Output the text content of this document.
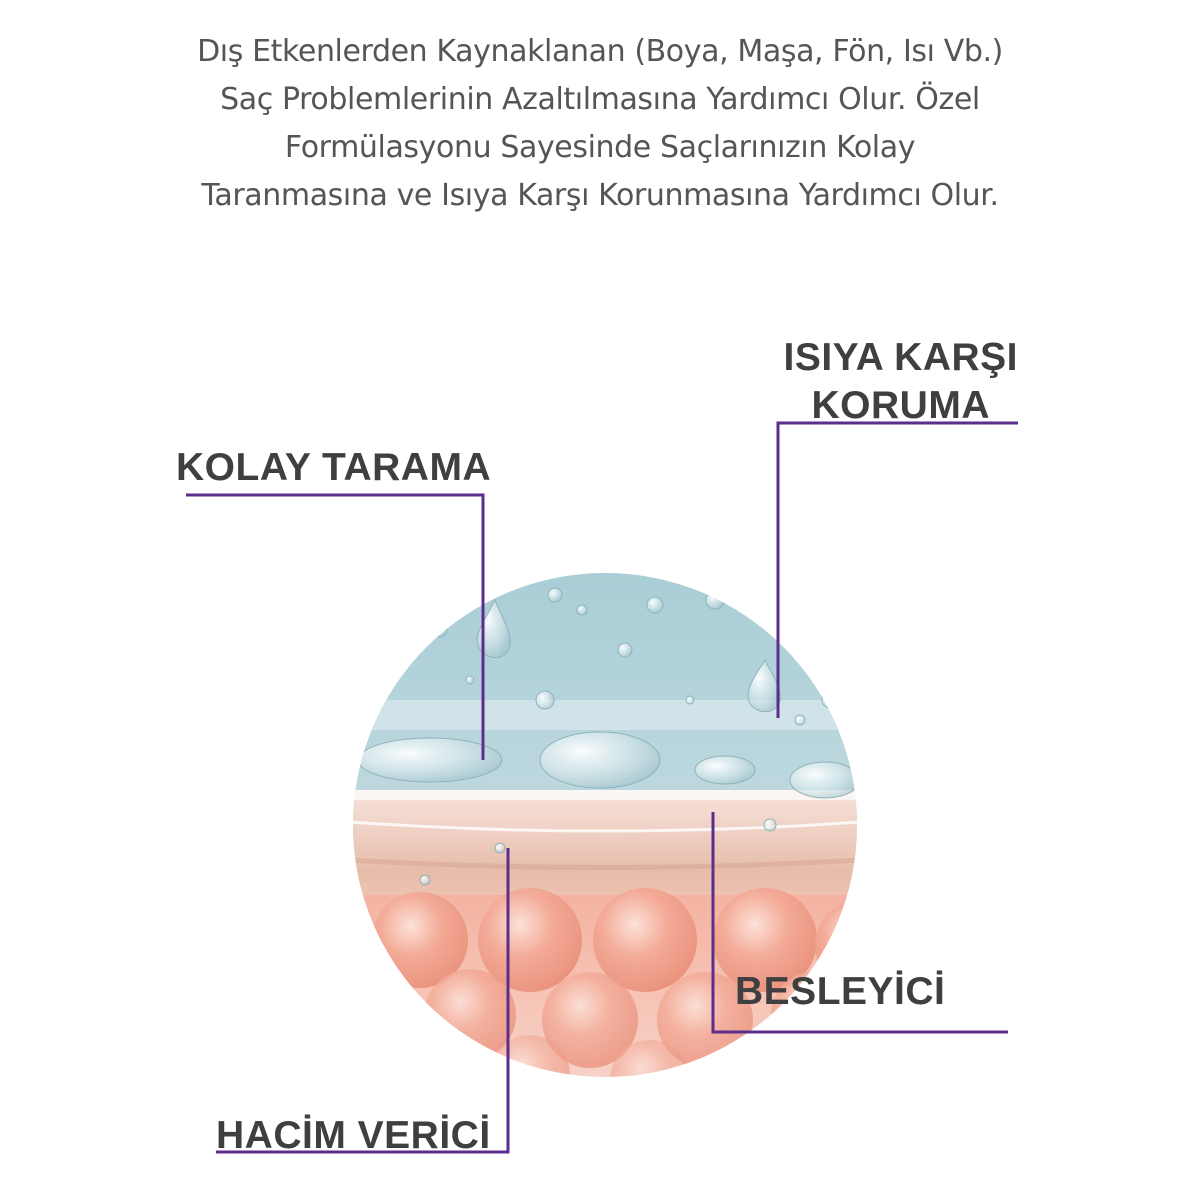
Dış Etkenlerden Kaynaklanan (Boya, Maşa, Fön, Isı Vb.)
Saç Problemlerinin Azaltılmasına Yardımcı Olur. Özel
Formülasyonu Sayesinde Saçlarınızın Kolay
Taranmasına ve Isıya Karşı Korunmasına Yardımcı Olur.
ISIYA KARŞI
KORUMA
KOLAY TARAMA
BESLEYİCİ
HACİM VERİCİ
